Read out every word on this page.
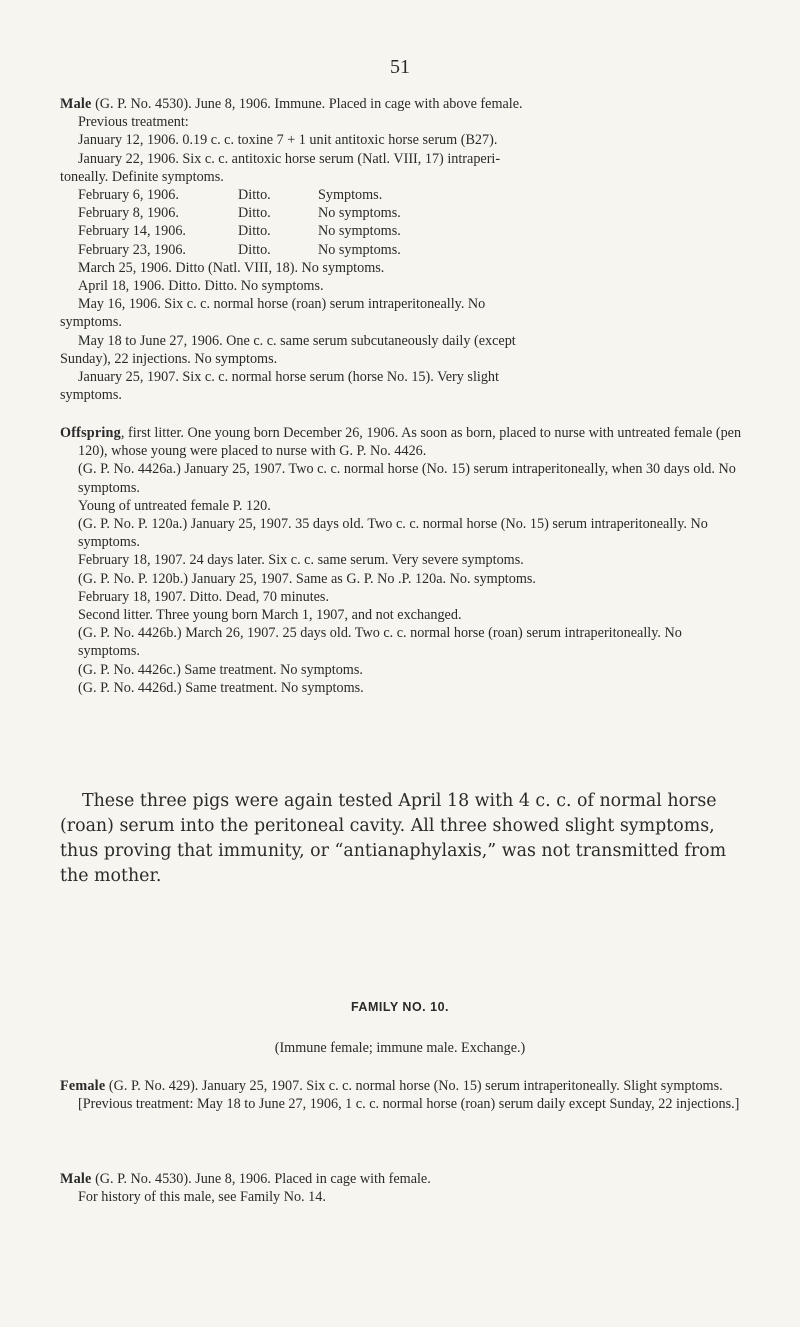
51

Male (G. P. No. 4530). June 8, 1906. Immune. Placed in cage with above female.

Previous treatment:

January 12, 1906. 0.19 c. c. toxine 7 + 1 unit antitoxic horse serum (B27).

January 22, 1906. Six c. c. antitoxic horse serum (Natl. VIII, 17) intraperi-

toneally. Definite symptoms.

February 6, 1906.	Ditto.	Symptoms.
February 8, 1906.	Ditto.	No symptoms.
February 14, 1906.	Ditto.	No symptoms.
February 23, 1906.	Ditto.	No symptoms.

March 25, 1906. Ditto (Natl. VIII, 18). No symptoms.

April 18, 1906. Ditto. Ditto. No symptoms.

May 16, 1906. Six c. c. normal horse (roan) serum intraperitoneally. No

symptoms.

May 18 to June 27, 1906. One c. c. same serum subcutaneously daily (except

Sunday), 22 injections. No symptoms.

January 25, 1907. Six c. c. normal horse serum (horse No. 15). Very slight

symptoms.

Offspring, first litter. One young born December 26, 1906. As soon as born, placed to nurse with untreated female (pen 120), whose young were placed to nurse with G. P. No. 4426.

(G. P. No. 4426a.) January 25, 1907. Two c. c. normal horse (No. 15) serum intraperitoneally, when 30 days old. No symptoms.

Young of untreated female P. 120.

(G. P. No. P. 120a.) January 25, 1907. 35 days old. Two c. c. normal horse (No. 15) serum intraperitoneally. No symptoms.

February 18, 1907. 24 days later. Six c. c. same serum. Very severe symptoms.

(G. P. No. P. 120b.) January 25, 1907. Same as G. P. No .P. 120a. No. symptoms.

February 18, 1907. Ditto. Dead, 70 minutes.

Second litter. Three young born March 1, 1907, and not exchanged.

(G. P. No. 4426b.) March 26, 1907. 25 days old. Two c. c. normal horse (roan) serum intraperitoneally. No symptoms.

(G. P. No. 4426c.) Same treatment. No symptoms.

(G. P. No. 4426d.) Same treatment. No symptoms.

These three pigs were again tested April 18 with 4 c. c. of normal horse (roan) serum into the peritoneal cavity. All three showed slight symptoms, thus proving that immunity, or “antianaphylaxis,” was not transmitted from the mother.

FAMILY NO. 10.
(Immune female; immune male. Exchange.)

Female (G. P. No. 429). January 25, 1907. Six c. c. normal horse (No. 15) serum intraperitoneally. Slight symptoms.

[Previous treatment: May 18 to June 27, 1906, 1 c. c. normal horse (roan) serum daily except Sunday, 22 injections.]

Male (G. P. No. 4530). June 8, 1906. Placed in cage with female.

For history of this male, see Family No. 14.
